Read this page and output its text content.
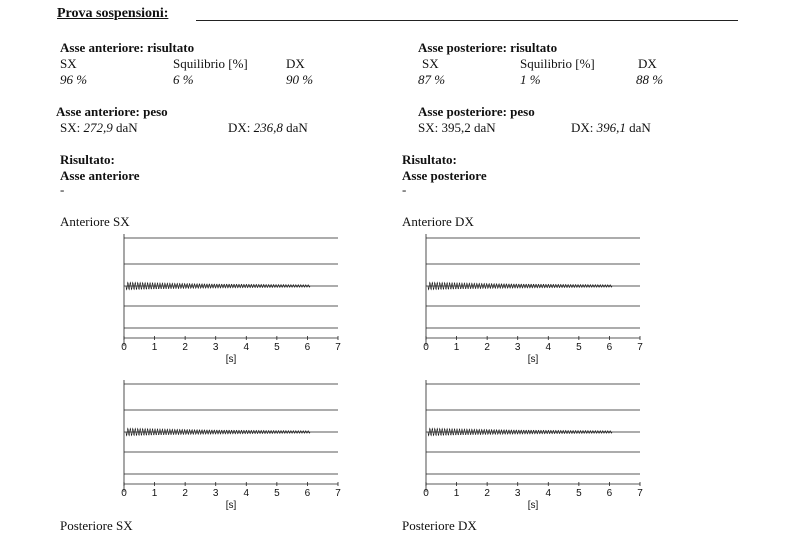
Prova sospensioni:
Asse anteriore: risultato
SX	Squilibrio [%]	DX
96 %	6 %	90 %
Asse posteriore: risultato
SX	Squilibrio [%]	DX
87 %	1 %	88 %
Asse anteriore: peso
SX: 272,9 daN	DX: 236,8 daN
Asse posteriore: peso
SX: 395,2 daN	DX: 396,1 daN
Risultato:
Asse anteriore
-
Risultato:
Asse posteriore
-
Anteriore SX	Anteriore DX
Posteriore SX	Posteriore DX
0	1	2	3	4	5	6	7
[s]
0	1	2	3	4	5	6	7
[s]
0	1	2	3	4	5	6	7
[s]
0	1	2	3	4	5	6	7
[s]
